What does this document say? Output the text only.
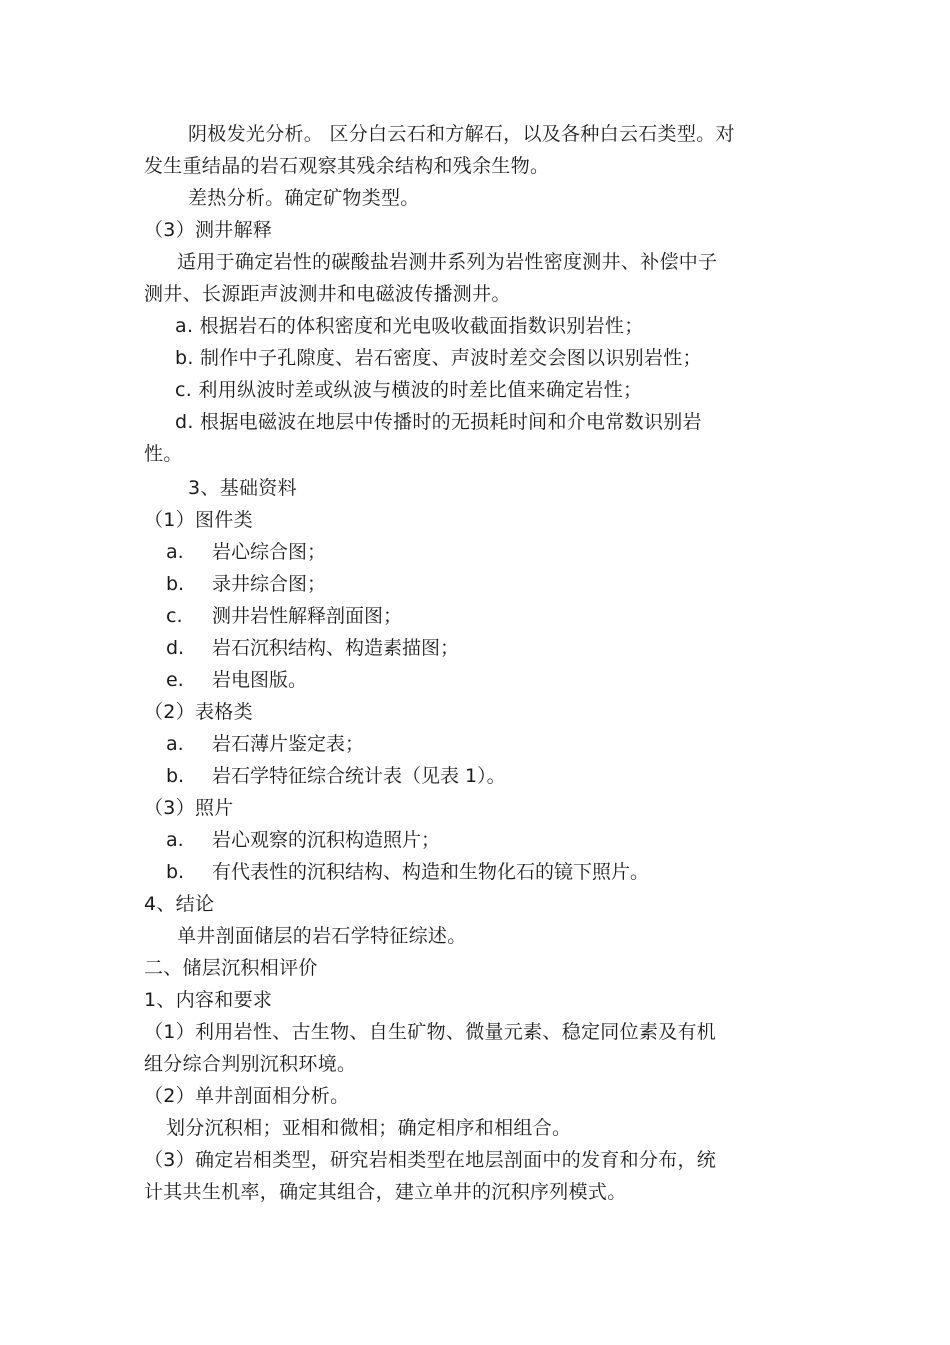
阴极发光分析。 区分白云石和方解石，以及各种白云石类型。对
发生重结晶的岩石观察其残余结构和残余生物。
差热分析。确定矿物类型。
（3）测井解释
适用于确定岩性的碳酸盐岩测井系列为岩性密度测井、补偿中子
测井、长源距声波测井和电磁波传播测井。
a. 根据岩石的体积密度和光电吸收截面指数识别岩性；
b. 制作中子孔隙度、岩石密度、声波时差交会图以识别岩性；
c. 利用纵波时差或纵波与横波的时差比值来确定岩性；
d. 根据电磁波在地层中传播时的无损耗时间和介电常数识别岩
性。
3、基础资料
（1）图件类
a. 岩心综合图；
b. 录井综合图；
c. 测井岩性解释剖面图；
d. 岩石沉积结构、构造素描图；
e. 岩电图版。
（2）表格类
a. 岩石薄片鉴定表；
b. 岩石学特征综合统计表（见表 1）。
（3）照片
a. 岩心观察的沉积构造照片；
b. 有代表性的沉积结构、构造和生物化石的镜下照片。
4、结论
单井剖面储层的岩石学特征综述。
二、储层沉积相评价
1、内容和要求
（1）利用岩性、古生物、自生矿物、微量元素、稳定同位素及有机
组分综合判别沉积环境。
（2）单井剖面相分析。
划分沉积相；亚相和微相；确定相序和相组合。
（3）确定岩相类型，研究岩相类型在地层剖面中的发育和分布，统
计其共生机率，确定其组合，建立单井的沉积序列模式。
